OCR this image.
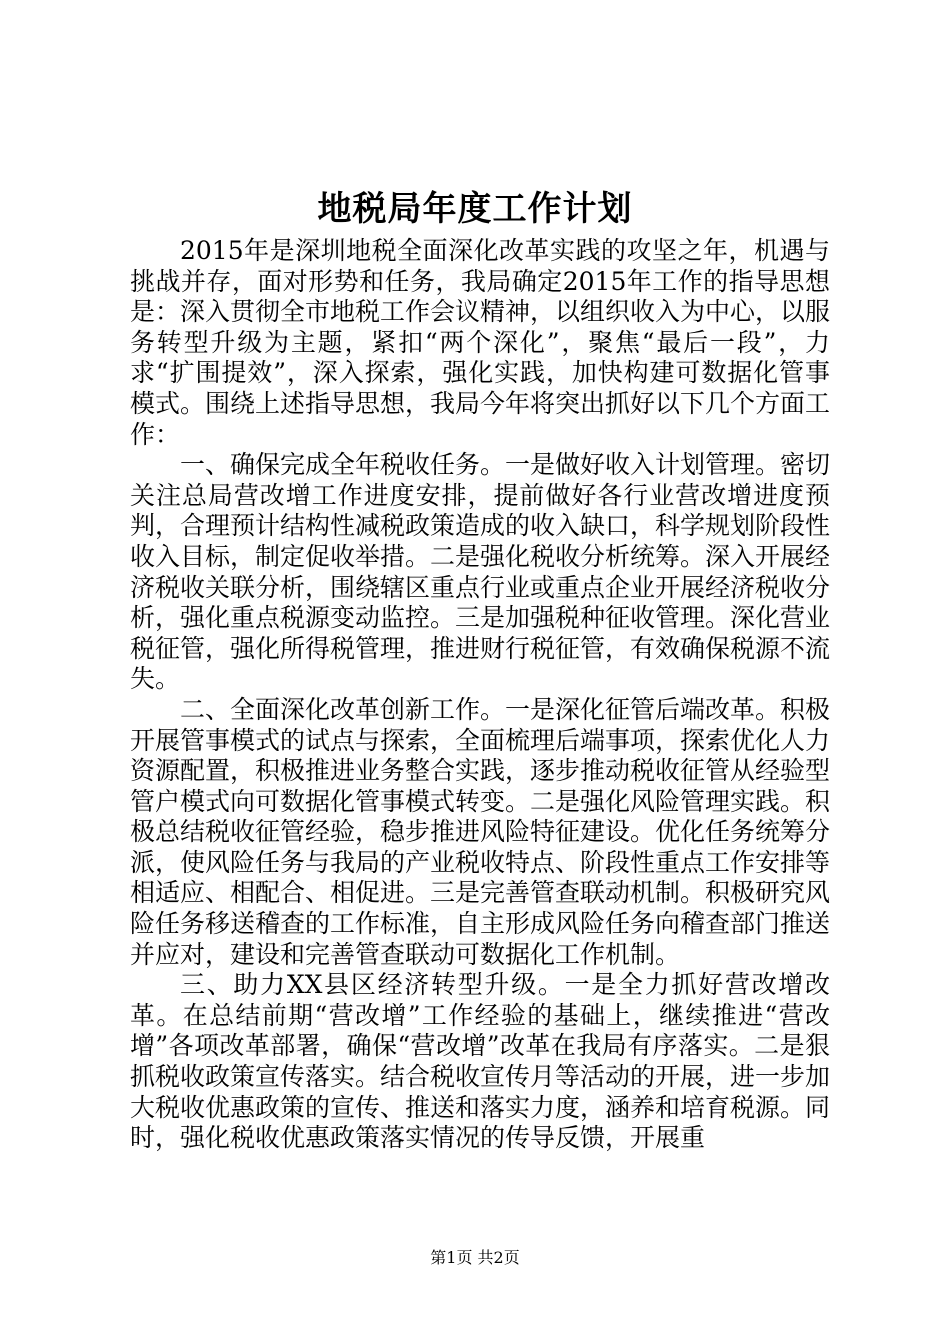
地税局年度工作计划

2015年是深圳地税全面深化改革实践的攻坚之年，机遇与挑战并存，面对形势和任务，我局确定2015年工作的指导思想是：深入贯彻全市地税工作会议精神，以组织收入为中心，以服务转型升级为主题，紧扣“两个深化”，聚焦“最后一段”，力求“扩围提效”，深入探索，强化实践，加快构建可数据化管事模式。围绕上述指导思想，我局今年将突出抓好以下几个方面工作：

一、确保完成全年税收任务。一是做好收入计划管理。密切关注总局营改增工作进度安排，提前做好各行业营改增进度预判，合理预计结构性减税政策造成的收入缺口，科学规划阶段性收入目标，制定促收举措。二是强化税收分析统筹。深入开展经济税收关联分析，围绕辖区重点行业或重点企业开展经济税收分析，强化重点税源变动监控。三是加强税种征收管理。深化营业税征管，强化所得税管理，推进财行税征管，有效确保税源不流失。

二、全面深化改革创新工作。一是深化征管后端改革。积极开展管事模式的试点与探索，全面梳理后端事项，探索优化人力资源配置，积极推进业务整合实践，逐步推动税收征管从经验型管户模式向可数据化管事模式转变。二是强化风险管理实践。积极总结税收征管经验，稳步推进风险特征建设。优化任务统筹分派，使风险任务与我局的产业税收特点、阶段性重点工作安排等相适应、相配合、相促进。三是完善管查联动机制。积极研究风险任务移送稽查的工作标准，自主形成风险任务向稽查部门推送并应对，建设和完善管查联动可数据化工作机制。

三、助力XX县区经济转型升级。一是全力抓好营改增改革。在总结前期“营改增”工作经验的基础上，继续推进“营改增”各项改革部署，确保“营改增”改革在我局有序落实。二是狠抓税收政策宣传落实。结合税收宣传月等活动的开展，进一步加大税收优惠政策的宣传、推送和落实力度，涵养和培育税源。同时，强化税收优惠政策落实情况的传导反馈，开展重

第1页 共2页
